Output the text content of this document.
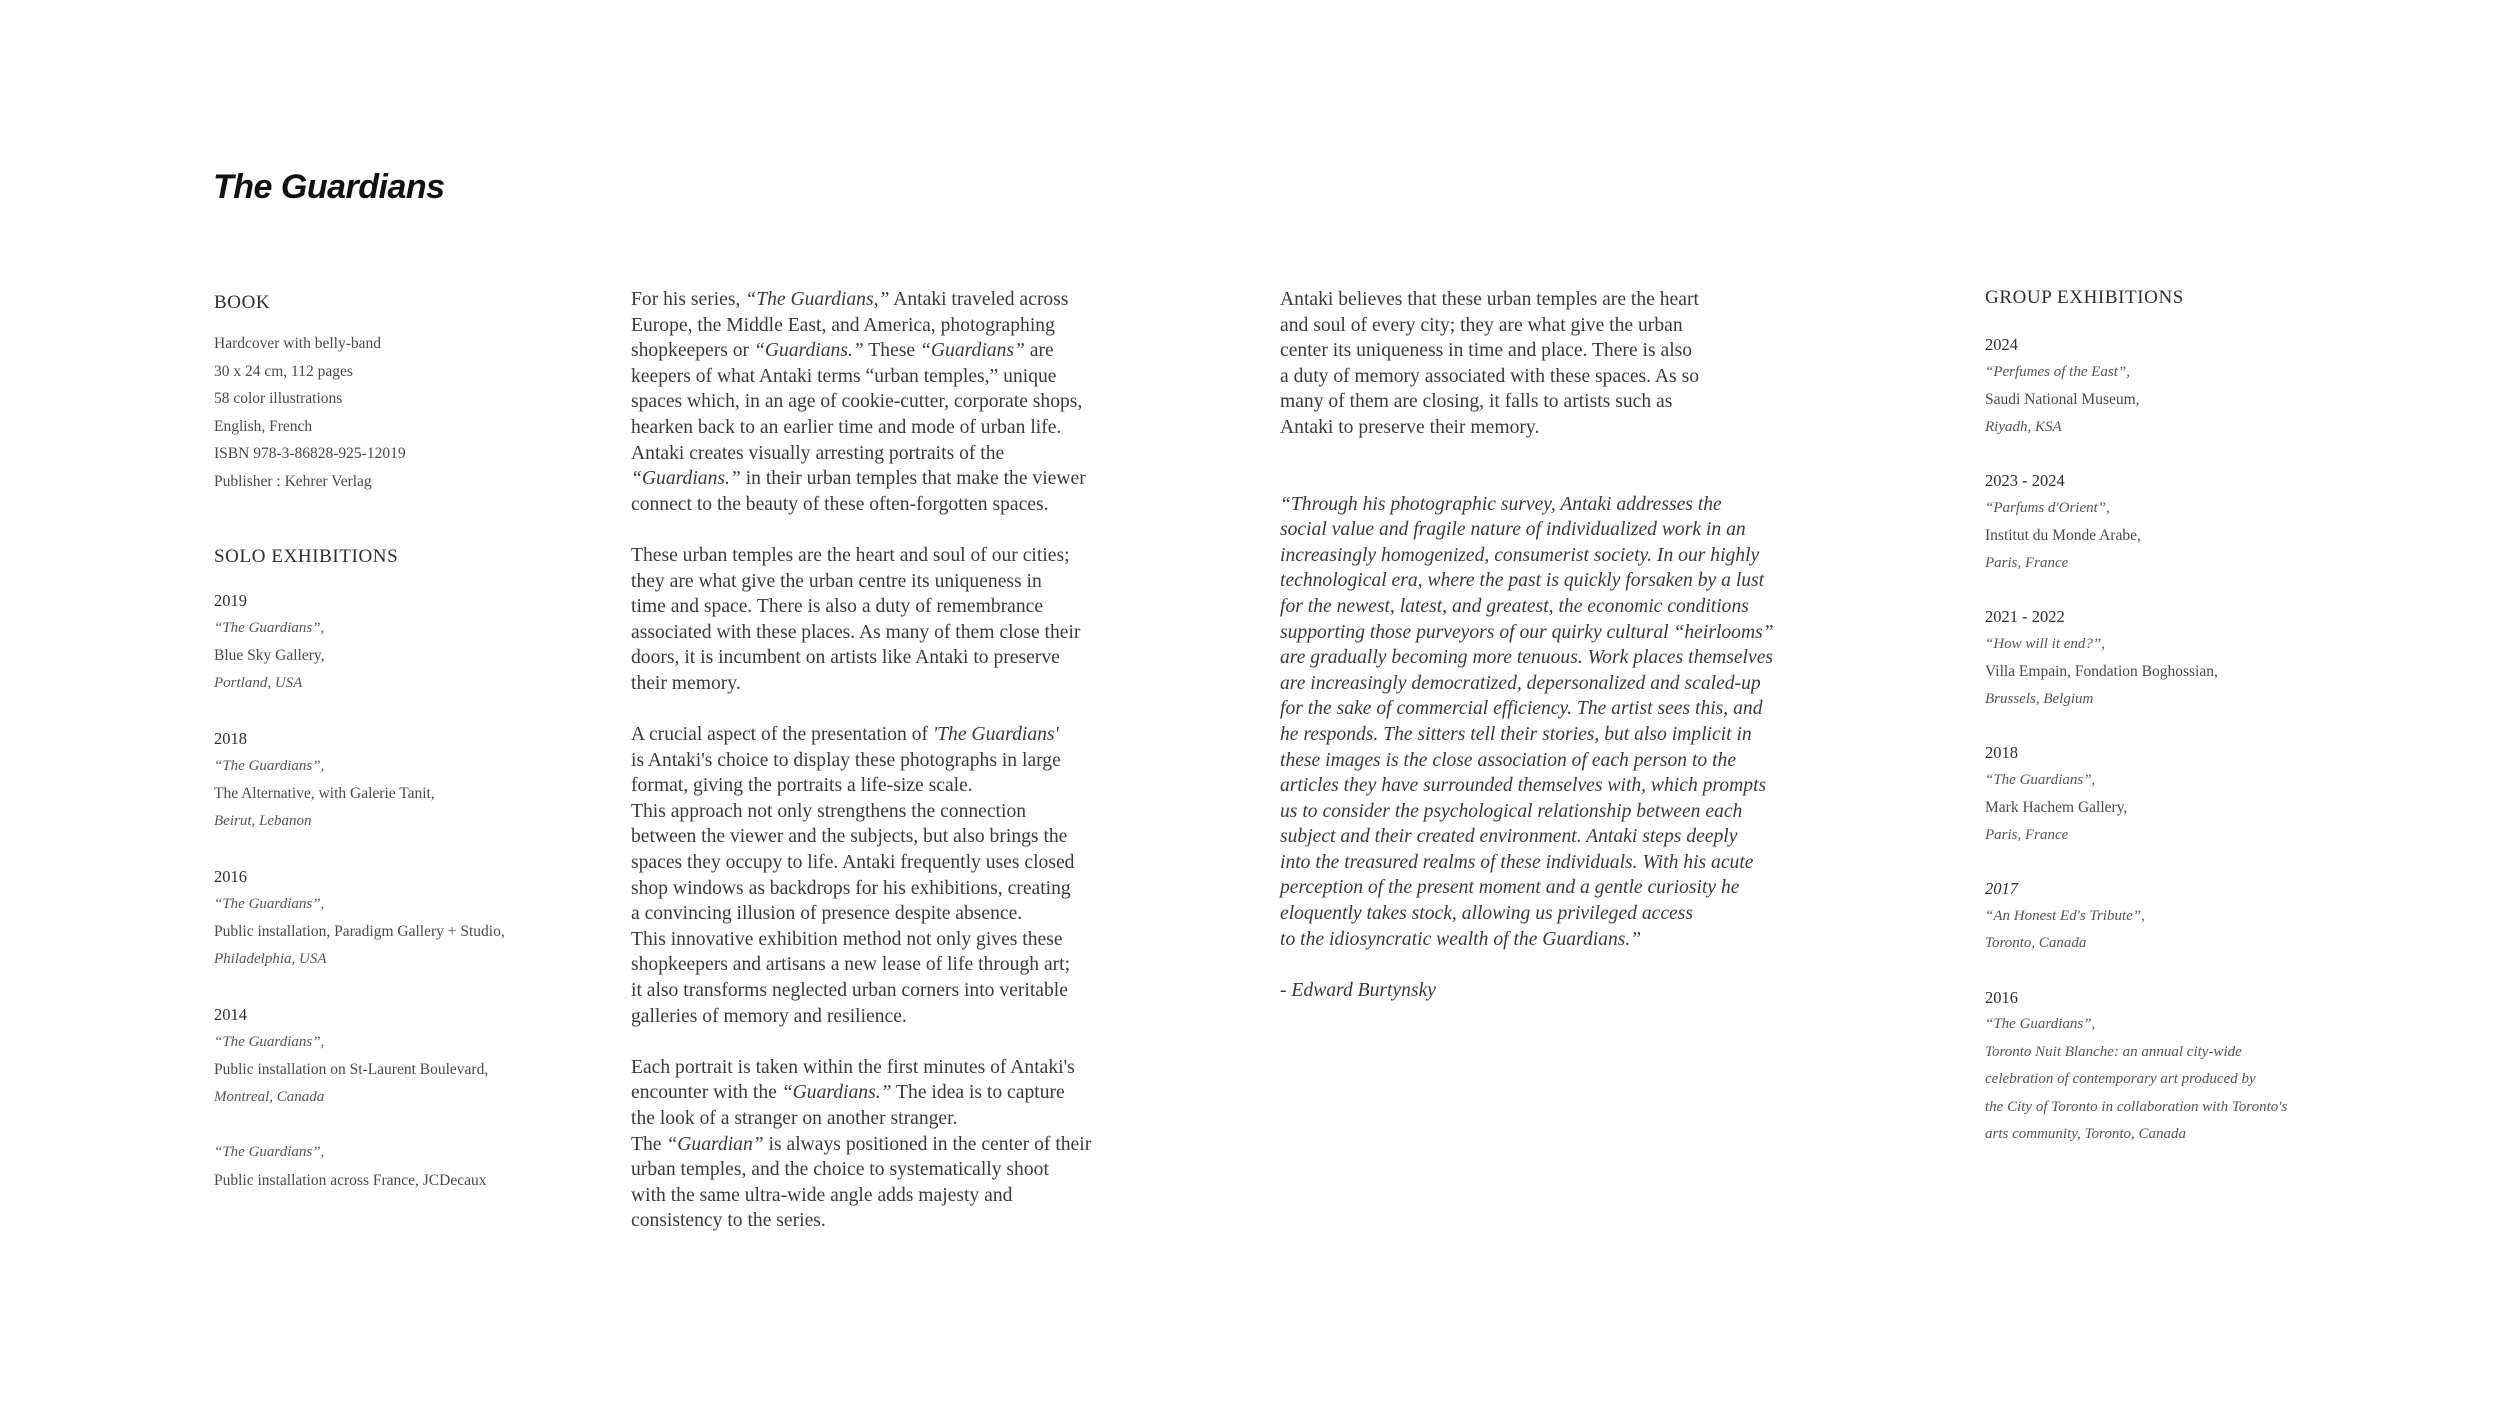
The Guardians
BOOK
Hardcover with belly-band
30 x 24 cm, 112 pages
58 color illustrations
English, French
ISBN 978-3-86828-925-12019
Publisher : Kehrer Verlag
SOLO EXHIBITIONS
2019
“The Guardians”,
Blue Sky Gallery,
Portland, USA
2018
“The Guardians”,
The Alternative, with Galerie Tanit,
Beirut, Lebanon
2016
“The Guardians”,
Public installation, Paradigm Gallery + Studio,
Philadelphia, USA
2014
“The Guardians”,
Public installation on St-Laurent Boulevard,
Montreal, Canada
“The Guardians”,
Public installation across France, JCDecaux

For his series, “The Guardians,” Antaki traveled across
Europe, the Middle East, and America, photographing
shopkeepers or “Guardians.” These “Guardians” are
keepers of what Antaki terms “urban temples,” unique
spaces which, in an age of cookie-cutter, corporate shops,
hearken back to an earlier time and mode of urban life.
Antaki creates visually arresting portraits of the
“Guardians.” in their urban temples that make the viewer
connect to the beauty of these often-forgotten spaces.

These urban temples are the heart and soul of our cities;
they are what give the urban centre its uniqueness in
time and space. There is also a duty of remembrance
associated with these places. As many of them close their
doors, it is incumbent on artists like Antaki to preserve
their memory.

A crucial aspect of the presentation of 'The Guardians'
is Antaki's choice to display these photographs in large
format, giving the portraits a life-size scale.
This approach not only strengthens the connection
between the viewer and the subjects, but also brings the
spaces they occupy to life. Antaki frequently uses closed
shop windows as backdrops for his exhibitions, creating
a convincing illusion of presence despite absence.
This innovative exhibition method not only gives these
shopkeepers and artisans a new lease of life through art;
it also transforms neglected urban corners into veritable
galleries of memory and resilience.

Each portrait is taken within the first minutes of Antaki's
encounter with the “Guardians.” The idea is to capture
the look of a stranger on another stranger.
The “Guardian” is always positioned in the center of their
urban temples, and the choice to systematically shoot
with the same ultra-wide angle adds majesty and
consistency to the series.

Antaki believes that these urban temples are the heart
and soul of every city; they are what give the urban
center its uniqueness in time and place. There is also
a duty of memory associated with these spaces. As so
many of them are closing, it falls to artists such as
Antaki to preserve their memory.

“Through his photographic survey, Antaki addresses the
social value and fragile nature of individualized work in an
increasingly homogenized, consumerist society. In our highly
technological era, where the past is quickly forsaken by a lust
for the newest, latest, and greatest, the economic conditions
supporting those purveyors of our quirky cultural “heirlooms”
are gradually becoming more tenuous. Work places themselves
are increasingly democratized, depersonalized and scaled-up
for the sake of commercial efficiency. The artist sees this, and
he responds. The sitters tell their stories, but also implicit in
these images is the close association of each person to the
articles they have surrounded themselves with, which prompts
us to consider the psychological relationship between each
subject and their created environment. Antaki steps deeply
into the treasured realms of these individuals. With his acute
perception of the present moment and a gentle curiosity he
eloquently takes stock, allowing us privileged access
to the idiosyncratic wealth of the Guardians.”

- Edward Burtynsky

GROUP EXHIBITIONS
2024
“Perfumes of the East”,
Saudi National Museum,
Riyadh, KSA
2023 - 2024
“Parfums d'Orient”,
Institut du Monde Arabe,
Paris, France
2021 - 2022
“How will it end?”,
Villa Empain, Fondation Boghossian,
Brussels, Belgium
2018
“The Guardians”,
Mark Hachem Gallery,
Paris, France
2017
“An Honest Ed's Tribute”,
Toronto, Canada
2016
“The Guardians”,
Toronto Nuit Blanche: an annual city-wide
celebration of contemporary art produced by
the City of Toronto in collaboration with Toronto's
arts community, Toronto, Canada
